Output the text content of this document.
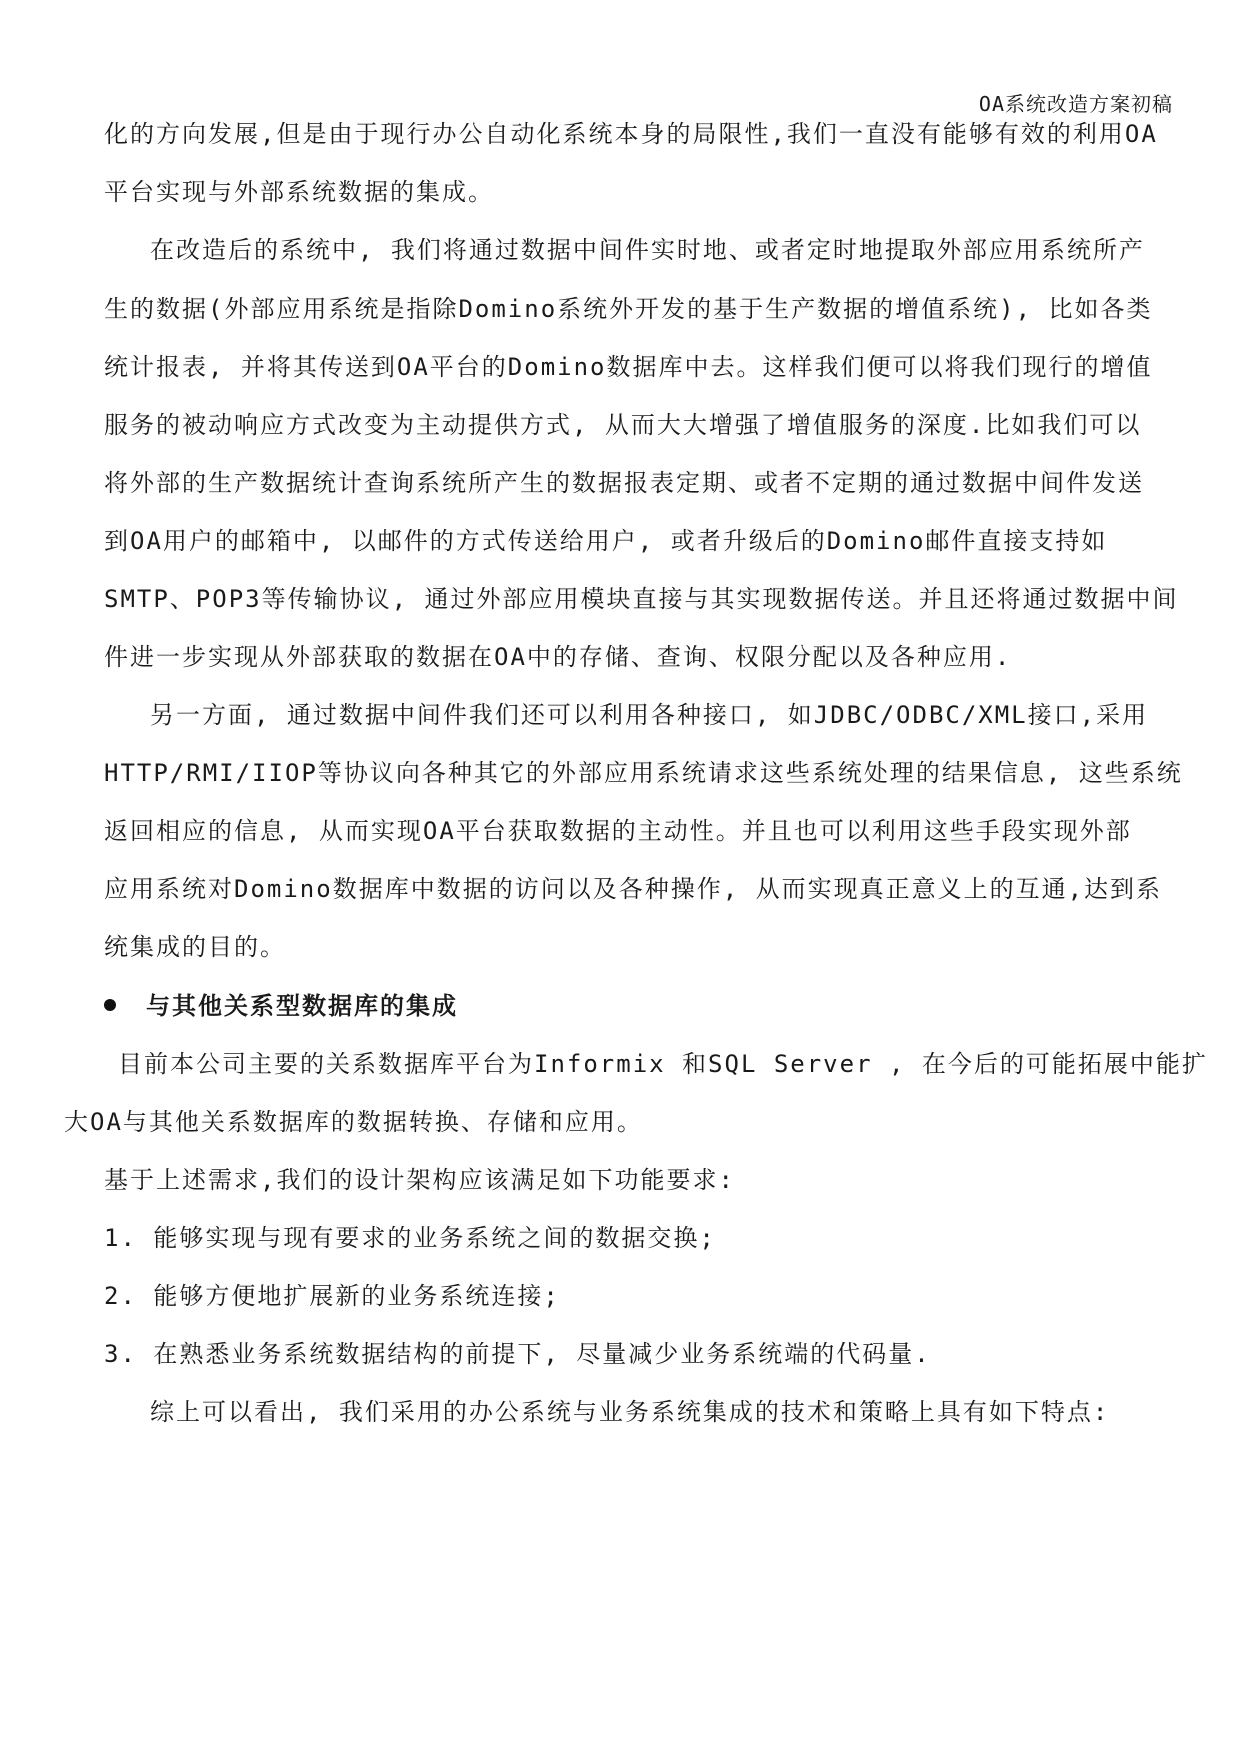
OA系统改造方案初稿
化的方向发展,但是由于现行办公自动化系统本身的局限性,我们一直没有能够有效的利用OA
平台实现与外部系统数据的集成。
在改造后的系统中, 我们将通过数据中间件实时地、或者定时地提取外部应用系统所产
生的数据(外部应用系统是指除Domino系统外开发的基于生产数据的增值系统), 比如各类
统计报表, 并将其传送到OA平台的Domino数据库中去。这样我们便可以将我们现行的增值
服务的被动响应方式改变为主动提供方式, 从而大大增强了增值服务的深度.比如我们可以
将外部的生产数据统计查询系统所产生的数据报表定期、或者不定期的通过数据中间件发送
到OA用户的邮箱中, 以邮件的方式传送给用户, 或者升级后的Domino邮件直接支持如
SMTP、POP3等传输协议, 通过外部应用模块直接与其实现数据传送。并且还将通过数据中间
件进一步实现从外部获取的数据在OA中的存储、查询、权限分配以及各种应用.
另一方面, 通过数据中间件我们还可以利用各种接口, 如JDBC/ODBC/XML接口,采用
HTTP/RMI/IIOP等协议向各种其它的外部应用系统请求这些系统处理的结果信息, 这些系统
返回相应的信息, 从而实现OA平台获取数据的主动性。并且也可以利用这些手段实现外部
应用系统对Domino数据库中数据的访问以及各种操作, 从而实现真正意义上的互通,达到系
统集成的目的。
与其他关系型数据库的集成
目前本公司主要的关系数据库平台为Informix 和SQL Server , 在今后的可能拓展中能扩
大OA与其他关系数据库的数据转换、存储和应用。
基于上述需求,我们的设计架构应该满足如下功能要求:
1. 能够实现与现有要求的业务系统之间的数据交换;
2. 能够方便地扩展新的业务系统连接;
3. 在熟悉业务系统数据结构的前提下, 尽量减少业务系统端的代码量.
综上可以看出, 我们采用的办公系统与业务系统集成的技术和策略上具有如下特点:
